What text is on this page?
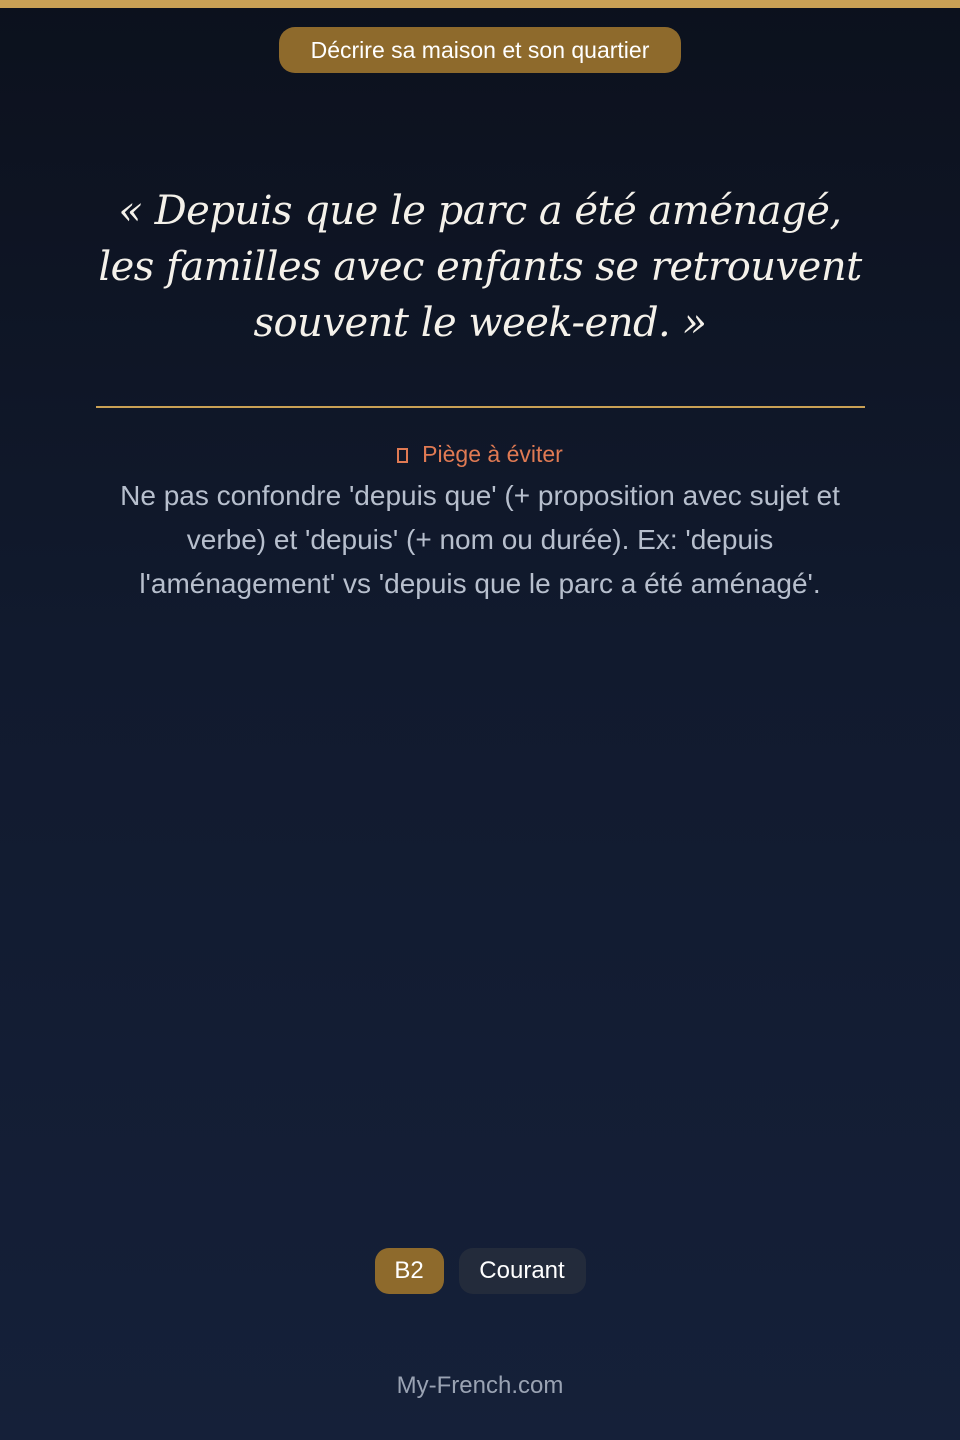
Décrire sa maison et son quartier

« Depuis que le parc a été aménagé, les familles avec enfants se retrouvent souvent le week-end. »

Piège à éviter

Ne pas confondre 'depuis que' (+ proposition avec sujet et verbe) et 'depuis' (+ nom ou durée). Ex: 'depuis l'aménagement' vs 'depuis que le parc a été aménagé'.

B2 Courant
My-French.com
